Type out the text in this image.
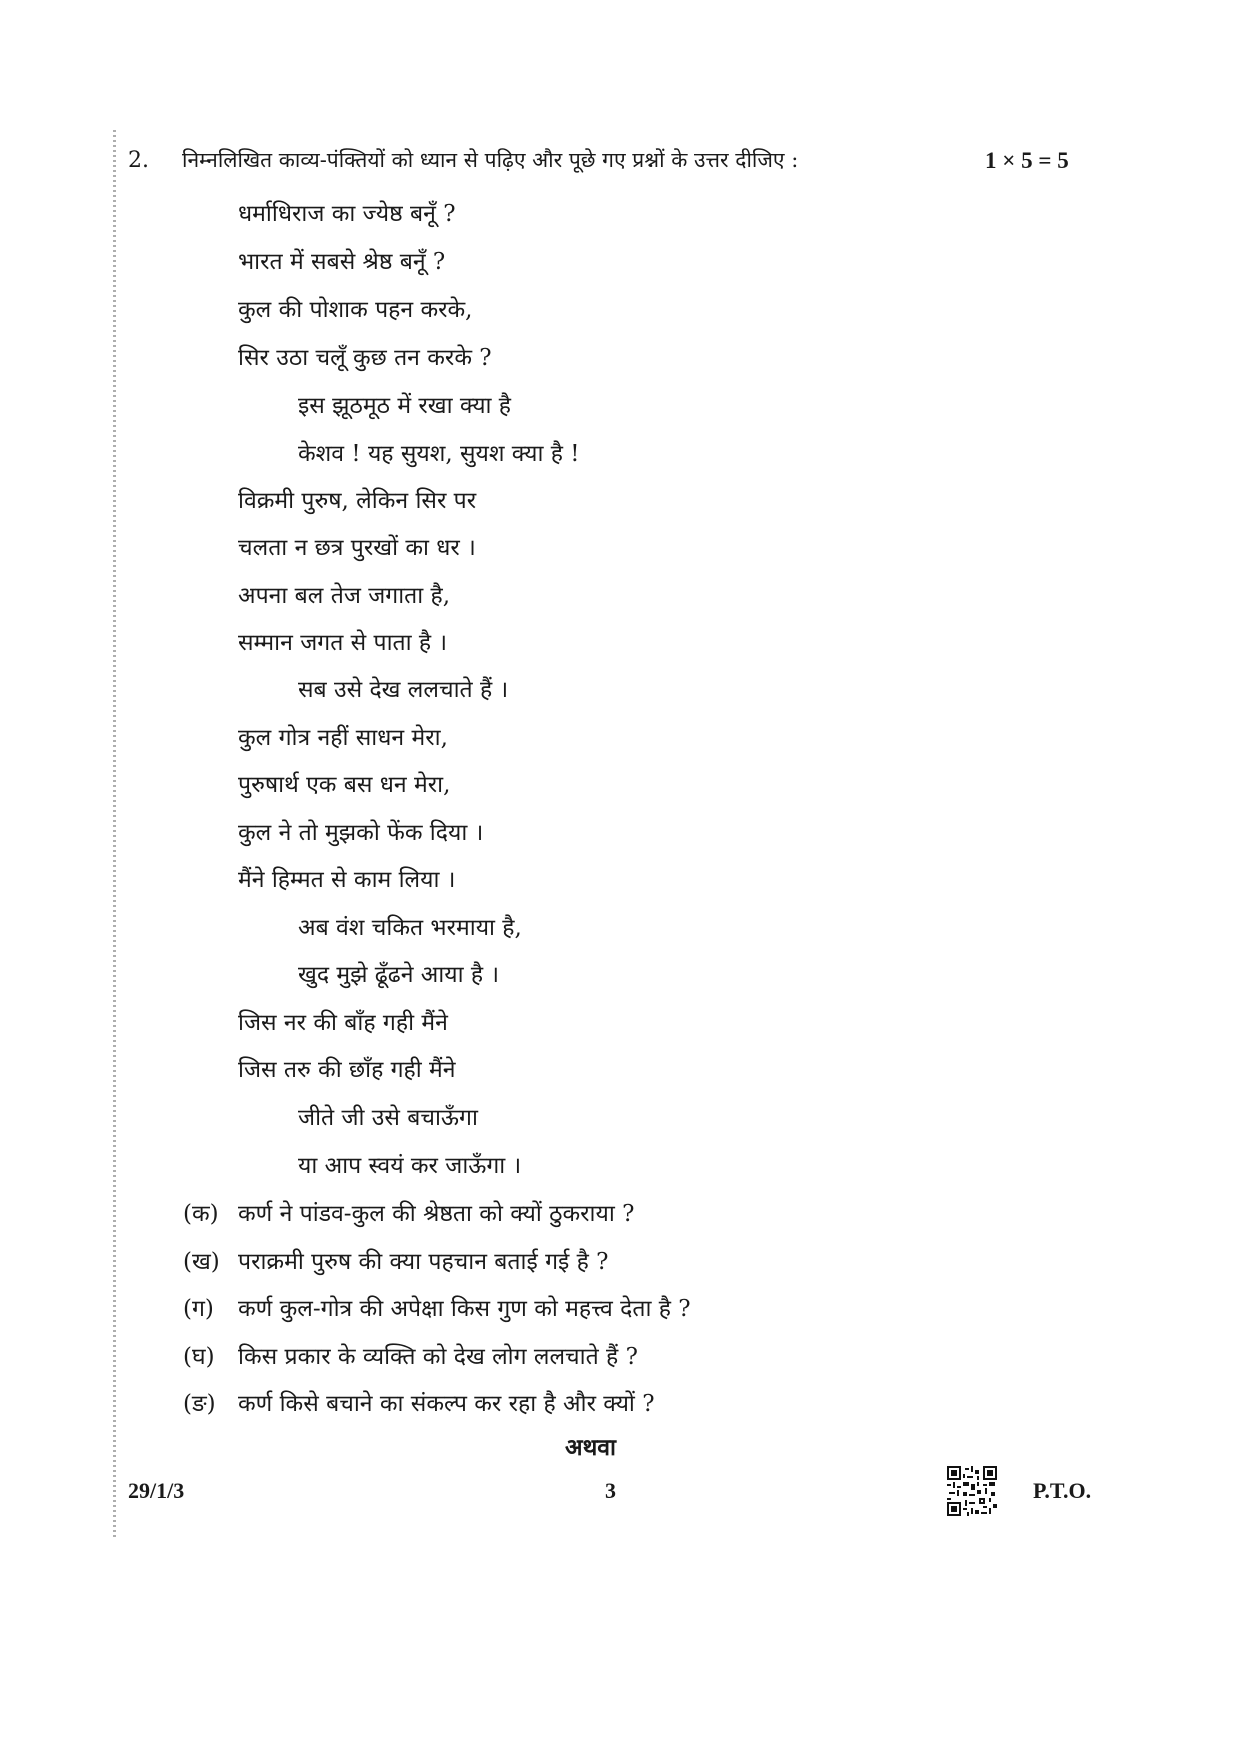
2. निम्नलिखित काव्य-पंक्तियों को ध्यान से पढ़िए और पूछे गए प्रश्नों के उत्तर दीजिए :	1 × 5 = 5
धर्माधिराज का ज्येष्ठ बनूँ ?
भारत में सबसे श्रेष्ठ बनूँ ?
कुल की पोशाक पहन करके,
सिर उठा चलूँ कुछ तन करके ?
इस झूठमूठ में रखा क्या है
केशव ! यह सुयश, सुयश क्या है !
विक्रमी पुरुष, लेकिन सिर पर
चलता न छत्र पुरखों का धर ।
अपना बल तेज जगाता है,
सम्मान जगत से पाता है ।
सब उसे देख ललचाते हैं ।
कुल गोत्र नहीं साधन मेरा,
पुरुषार्थ एक बस धन मेरा,
कुल ने तो मुझको फेंक दिया ।
मैंने हिम्मत से काम लिया ।
अब वंश चकित भरमाया है,
खुद मुझे ढूँढने आया है ।
जिस नर की बाँह गही मैंने
जिस तरु की छाँह गही मैंने
जीते जी उसे बचाऊँगा
या आप स्वयं कर जाऊँगा ।
(क) कर्ण ने पांडव-कुल की श्रेष्ठता को क्यों ठुकराया ?
(ख) पराक्रमी पुरुष की क्या पहचान बताई गई है ?
(ग) कर्ण कुल-गोत्र की अपेक्षा किस गुण को महत्त्व देता है ?
(घ) किस प्रकार के व्यक्ति को देख लोग ललचाते हैं ?
(ङ) कर्ण किसे बचाने का संकल्प कर रहा है और क्यों ?
अथवा
29/1/3	3	P.T.O.
